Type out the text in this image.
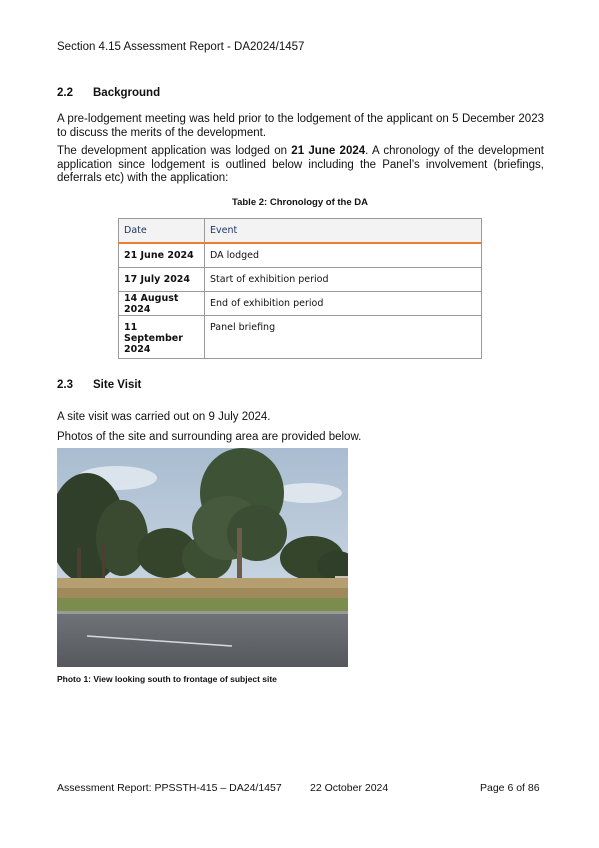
Section 4.15 Assessment Report - DA2024/1457
2.2 Background

A pre-lodgement meeting was held prior to the lodgement of the applicant on 5 December 2023 to discuss the merits of the development.

The development application was lodged on 21 June 2024. A chronology of the development application since lodgement is outlined below including the Panel’s involvement (briefings, deferrals etc) with the application:

Table 2: Chronology of the DA
Date	Event
21 June 2024	DA lodged
17 July 2024	Start of exhibition period
14 August 2024	End of exhibition period
11 September 2024	Panel briefing
2.3 Site Visit
A site visit was carried out on 9 July 2024.
Photos of the site and surrounding area are provided below.
Photo 1: View looking south to frontage of subject site
Assessment Report: PPSSTH-415 – DA24/1457	22 October 2024	Page 6 of 86
